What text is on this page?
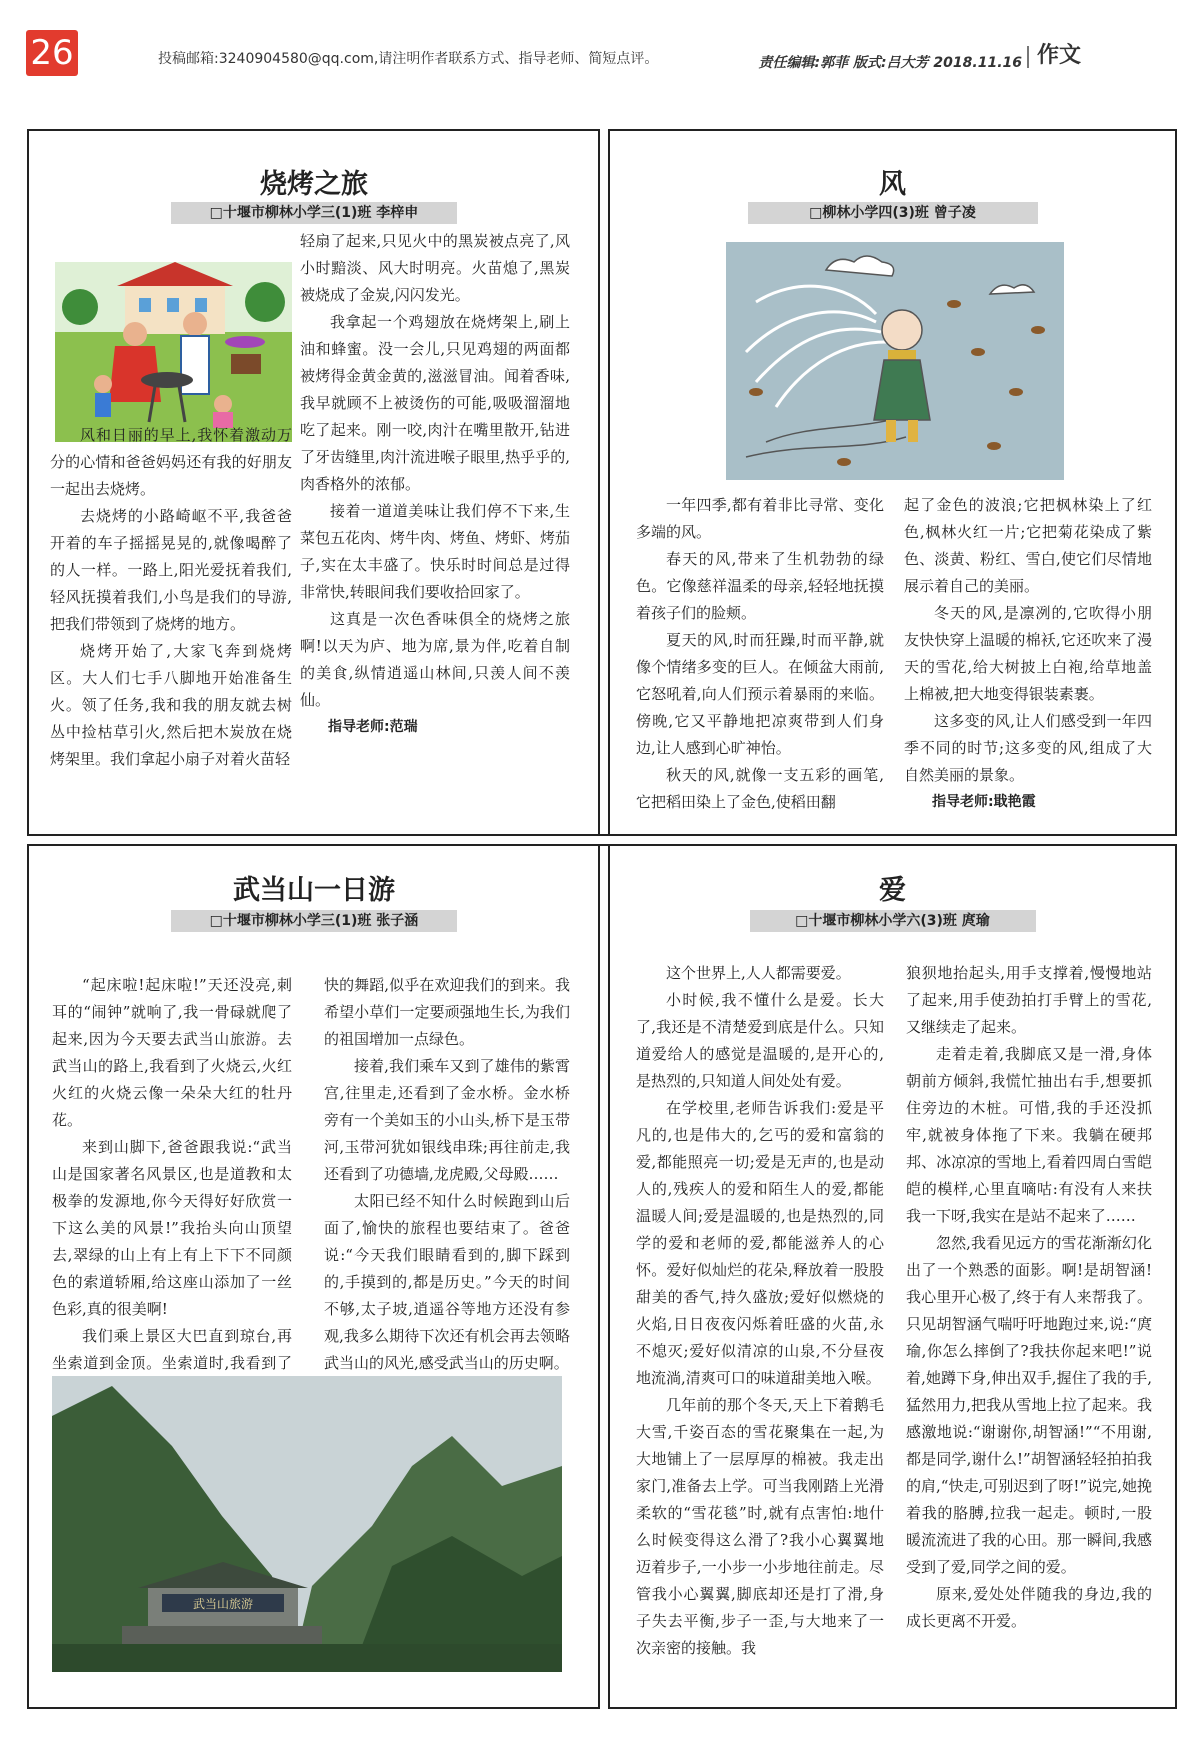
26	投稿邮箱:3240904580@qq.com,请注明作者联系方式、指导老师、简短点评。	责任编辑:郭菲 版式:吕大芳 2018.11.16 作文
烧烤之旅
□十堰市柳林小学三(1)班 李梓申

风和日丽的早上,我怀着激动万分的心情和爸爸妈妈还有我的好朋友一起出去烧烤。

去烧烤的小路崎岖不平,我爸爸开着的车子摇摇晃晃的,就像喝醉了的人一样。一路上,阳光爱抚着我们,轻风抚摸着我们,小鸟是我们的导游,把我们带领到了烧烤的地方。

烧烤开始了,大家飞奔到烧烤区。大人们七手八脚地开始准备生火。领了任务,我和我的朋友就去树丛中捡枯草引火,然后把木炭放在烧烤架里。我们拿起小扇子对着火苗轻

轻扇了起来,只见火中的黑炭被点亮了,风小时黯淡、风大时明亮。火苗熄了,黑炭被烧成了金炭,闪闪发光。

我拿起一个鸡翅放在烧烤架上,刷上油和蜂蜜。没一会儿,只见鸡翅的两面都被烤得金黄金黄的,滋滋冒油。闻着香味,我早就顾不上被烫伤的可能,吸吸溜溜地吃了起来。刚一咬,肉汁在嘴里散开,钻进了牙齿缝里,肉汁流进喉子眼里,热乎乎的,肉香格外的浓郁。

接着一道道美味让我们停不下来,生菜包五花肉、烤牛肉、烤鱼、烤虾、烤茄子,实在太丰盛了。快乐时时间总是过得非常快,转眼间我们要收拾回家了。

这真是一次色香味俱全的烧烤之旅啊!以天为庐、地为席,景为伴,吃着自制的美食,纵情逍遥山林间,只羡人间不羡仙。

指导老师:范瑞
风
□柳林小学四(3)班 曾子凌

一年四季,都有着非比寻常、变化多端的风。

春天的风,带来了生机勃勃的绿色。它像慈祥温柔的母亲,轻轻地抚摸着孩子们的脸颊。

夏天的风,时而狂躁,时而平静,就像个情绪多变的巨人。在倾盆大雨前,它怒吼着,向人们预示着暴雨的来临。傍晚,它又平静地把凉爽带到人们身边,让人感到心旷神怡。

秋天的风,就像一支五彩的画笔,它把稻田染上了金色,使稻田翻

起了金色的波浪;它把枫林染上了红色,枫林火红一片;它把菊花染成了紫色、淡黄、粉红、雪白,使它们尽情地展示着自己的美丽。

冬天的风,是凛冽的,它吹得小朋友快快穿上温暖的棉袄,它还吹来了漫天的雪花,给大树披上白袍,给草地盖上棉被,把大地变得银装素裹。

这多变的风,让人们感受到一年四季不同的时节;这多变的风,组成了大自然美丽的景象。

指导老师:戢艳霞
武当山一日游
□十堰市柳林小学三(1)班 张子涵

“起床啦!起床啦!”天还没亮,刺耳的“闹钟”就响了,我一骨碌就爬了起来,因为今天要去武当山旅游。去武当山的路上,我看到了火烧云,火红火红的火烧云像一朵朵大红的牡丹花。

来到山脚下,爸爸跟我说:“武当山是国家著名风景区,也是道教和太极拳的发源地,你今天得好好欣赏一下这么美的风景!”我抬头向山顶望去,翠绿的山上有上有上下下不同颜色的索道轿厢,给这座山添加了一丝色彩,真的很美啊!

我们乘上景区大巴直到琼台,再坐索道到金顶。坐索道时,我看到了

快的舞蹈,似乎在欢迎我们的到来。我希望小草们一定要顽强地生长,为我们的祖国增加一点绿色。

接着,我们乘车又到了雄伟的紫霄宫,往里走,还看到了金水桥。金水桥旁有一个美如玉的小山头,桥下是玉带河,玉带河犹如银线串珠;再往前走,我还看到了功德墙,龙虎殿,父母殿……

太阳已经不知什么时候跑到山后面了,愉快的旅程也要结束了。爸爸说:“今天我们眼睛看到的,脚下踩到的,手摸到的,都是历史。”今天的时间不够,太子坡,逍遥谷等地方还没有参观,我多么期待下次还有机会再去领略武当山的风光,感受武当山的历史啊。

武当山旅游
爱
□十堰市柳林小学六(3)班 庹瑜

这个世界上,人人都需要爱。

小时候,我不懂什么是爱。长大了,我还是不清楚爱到底是什么。只知道爱给人的感觉是温暖的,是开心的,是热烈的,只知道人间处处有爱。

在学校里,老师告诉我们:爱是平凡的,也是伟大的,乞丐的爱和富翁的爱,都能照亮一切;爱是无声的,也是动人的,残疾人的爱和陌生人的爱,都能温暖人间;爱是温暖的,也是热烈的,同学的爱和老师的爱,都能滋养人的心怀。爱好似灿烂的花朵,释放着一股股甜美的香气,持久盛放;爱好似燃烧的火焰,日日夜夜闪烁着旺盛的火苗,永不熄灭;爱好似清凉的山泉,不分昼夜地流淌,清爽可口的味道甜美地入喉。

几年前的那个冬天,天上下着鹅毛大雪,千姿百态的雪花聚集在一起,为大地铺上了一层厚厚的棉被。我走出家门,准备去上学。可当我刚踏上光滑柔软的“雪花毯”时,就有点害怕:地什么时候变得这么滑了?我小心翼翼地迈着步子,一小步一小步地往前走。尽管我小心翼翼,脚底却还是打了滑,身子失去平衡,步子一歪,与大地来了一次亲密的接触。我

狼狈地抬起头,用手支撑着,慢慢地站了起来,用手使劲拍打手臂上的雪花,又继续走了起来。

走着走着,我脚底又是一滑,身体朝前方倾斜,我慌忙抽出右手,想要抓住旁边的木桩。可惜,我的手还没抓牢,就被身体拖了下来。我躺在硬邦邦、冰凉凉的雪地上,看着四周白雪皑皑的模样,心里直嘀咕:有没有人来扶我一下呀,我实在是站不起来了……

忽然,我看见远方的雪花渐渐幻化出了一个熟悉的面影。啊!是胡智涵!我心里开心极了,终于有人来帮我了。只见胡智涵气喘吁吁地跑过来,说:“庹瑜,你怎么摔倒了?我扶你起来吧!”说着,她蹲下身,伸出双手,握住了我的手,猛然用力,把我从雪地上拉了起来。我感激地说:“谢谢你,胡智涵!”“不用谢,都是同学,谢什么!”胡智涵轻轻拍拍我的肩,“快走,可别迟到了呀!”说完,她挽着我的胳膊,拉我一起走。顿时,一股暖流流进了我的心田。那一瞬间,我感受到了爱,同学之间的爱。

原来,爱处处伴随我的身边,我的成长更离不开爱。
